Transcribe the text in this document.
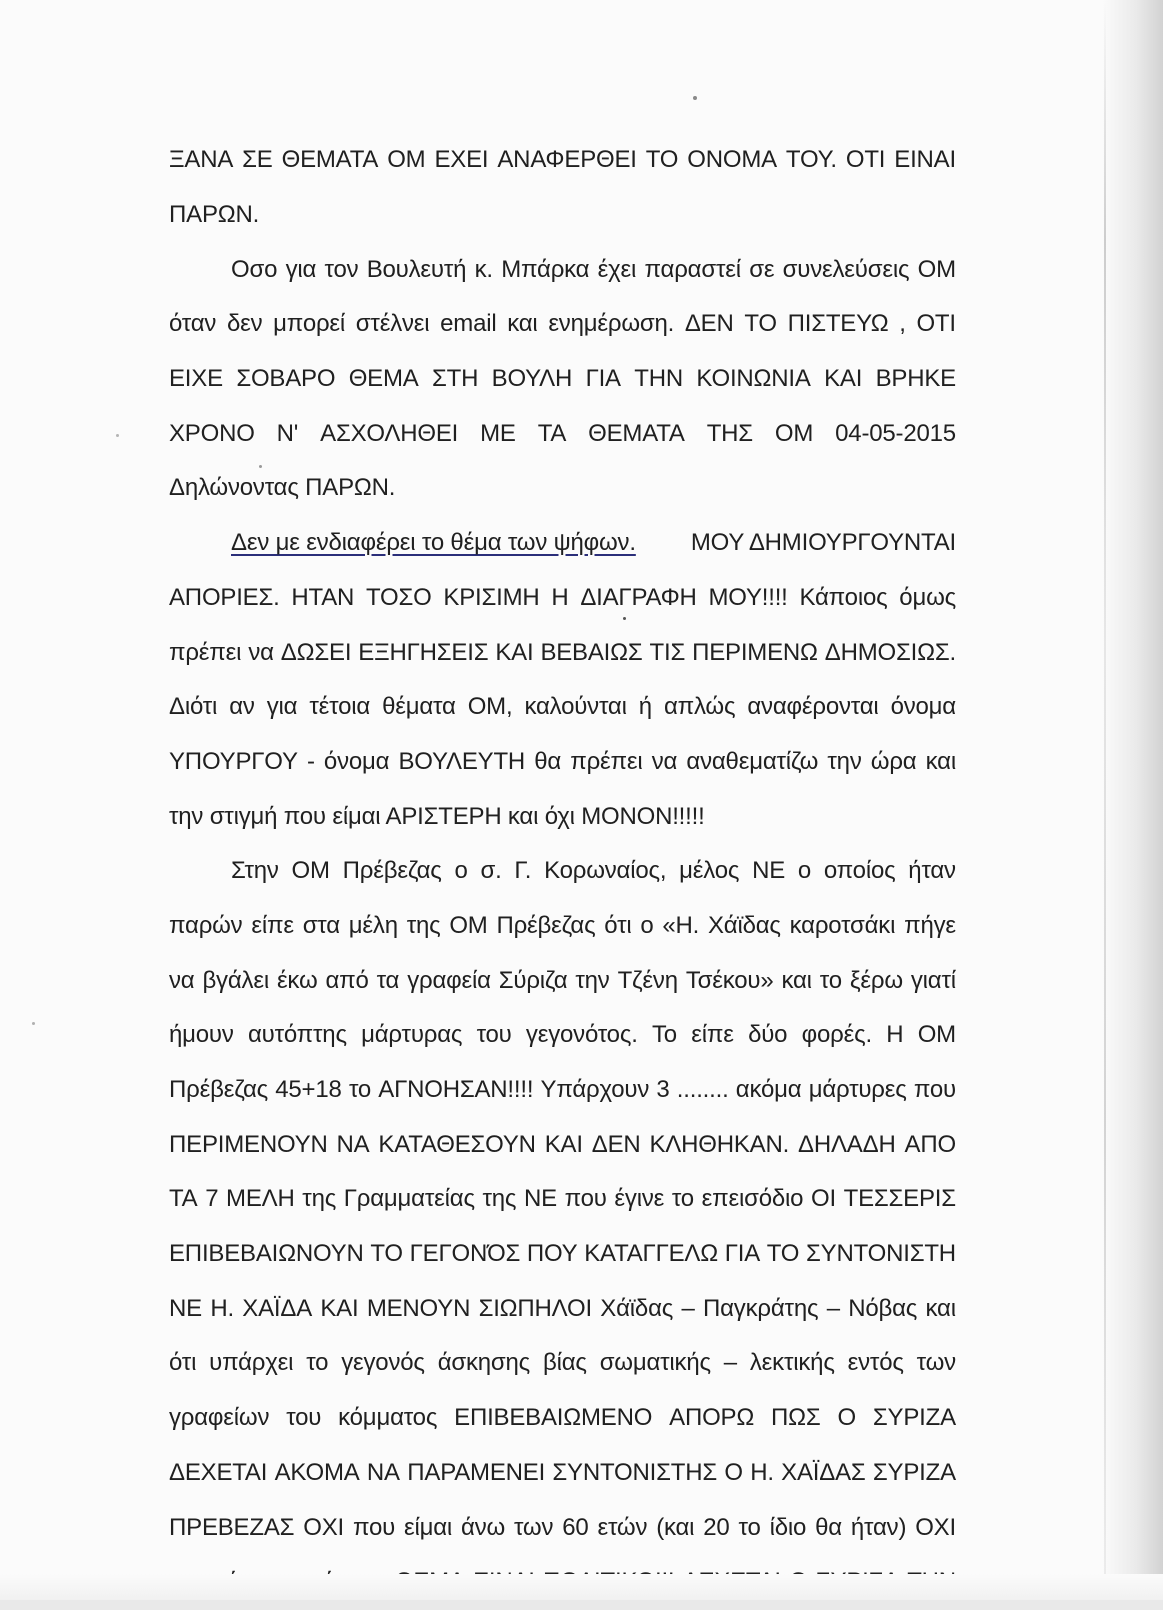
ΞΑΝΑ ΣΕ ΘΕΜΑΤΑ ΟΜ ΕΧΕΙ ΑΝΑΦΕΡΘΕΙ ΤΟ ΟΝΟΜΑ ΤΟΥ. ΟΤΙ ΕΙΝΑΙ
ΠΑΡΩΝ.
Οσο για τον Βουλευτή κ. Μπάρκα έχει παραστεί σε συνελεύσεις ΟΜ
όταν δεν μπορεί στέλνει email και ενημέρωση. ΔΕΝ ΤΟ ΠΙΣΤΕΥΩ , ΟΤΙ
ΕΙΧΕ ΣΟΒΑΡΟ ΘΕΜΑ ΣΤΗ ΒΟΥΛΗ ΓΙΑ ΤΗΝ ΚΟΙΝΩΝΙΑ ΚΑΙ ΒΡΗΚΕ
ΧΡΟΝΟ Ν' ΑΣΧΟΛΗΘΕΙ ΜΕ ΤΑ ΘΕΜΑΤΑ ΤΗΣ ΟΜ 04-05-2015
Δηλώνοντας ΠΑΡΩΝ.
Δεν με ενδιαφέρει το θέμα των ψήφων. ΜΟΥ ΔΗΜΙΟΥΡΓΟΥΝΤΑΙ
ΑΠΟΡΙΕΣ. ΗΤΑΝ ΤΟΣΟ ΚΡΙΣΙΜΗ Η ΔΙΑΓΡΑΦΗ ΜΟΥ!!!! Κάποιος όμως
πρέπει να ΔΩΣΕΙ ΕΞΗΓΗΣΕΙΣ ΚΑΙ ΒΕΒΑΙΩΣ ΤΙΣ ΠΕΡΙΜΕΝΩ ΔΗΜΟΣΙΩΣ.
Διότι αν για τέτοια θέματα ΟΜ, καλούνται ή απλώς αναφέρονται όνομα
ΥΠΟΥΡΓΟΥ - όνομα ΒΟΥΛΕΥΤΗ θα πρέπει να αναθεματίζω την ώρα και
την στιγμή που είμαι ΑΡΙΣΤΕΡΗ και όχι ΜΟΝΟΝ!!!!!
Στην ΟΜ Πρέβεζας ο σ. Γ. Κορωναίος, μέλος ΝΕ ο οποίος ήταν
παρών είπε στα μέλη της ΟΜ Πρέβεζας ότι ο «Η. Χάϊδας καροτσάκι πήγε
να βγάλει έκω από τα γραφεία Σύριζα την Τζένη Τσέκου» και το ξέρω γιατί
ήμουν αυτόπτης μάρτυρας του γεγονότος. Το είπε δύο φορές. Η ΟΜ
Πρέβεζας 45+18 το ΑΓΝΟΗΣΑΝ!!!! Υπάρχουν 3 ........ ακόμα μάρτυρες που
ΠΕΡΙΜΕΝΟΥΝ ΝΑ ΚΑΤΑΘΕΣΟΥΝ ΚΑΙ ΔΕΝ ΚΛΗΘΗΚΑΝ. ΔΗΛΑΔΗ ΑΠΟ
ΤΑ 7 ΜΕΛΗ της Γραμματείας της ΝΕ που έγινε το επεισόδιο ΟΙ ΤΕΣΣΕΡΙΣ
ΕΠΙΒΕΒΑΙΩΝΟΥΝ ΤΟ ΓΕΓΟΝΌΣ ΠΟΥ ΚΑΤΑΓΓΕΛΩ ΓΙΑ ΤΟ ΣΥΝΤΟΝΙΣΤΗ
ΝΕ Η. ΧΑΪΔΑ ΚΑΙ ΜΕΝΟΥΝ ΣΙΩΠΗΛΟΙ Χάϊδας – Παγκράτης – Νόβας και
ότι υπάρχει το γεγονός άσκησης βίας σωματικής – λεκτικής εντός των
γραφείων του κόμματος ΕΠΙΒΕΒΑΙΩΜΕΝΟ ΑΠΟΡΩ ΠΩΣ Ο ΣΥΡΙΖΑ
ΔΕΧΕΤΑΙ ΑΚΟΜΑ ΝΑ ΠΑΡΑΜΕΝΕΙ ΣΥΝΤΟΝΙΣΤΗΣ Ο Η. ΧΑΪΔΑΣ ΣΥΡΙΖΑ
ΠΡΕΒΕΖΑΣ ΟΧΙ που είμαι άνω των 60 ετών (και 20 το ίδιο θα ήταν) ΟΧΙ
